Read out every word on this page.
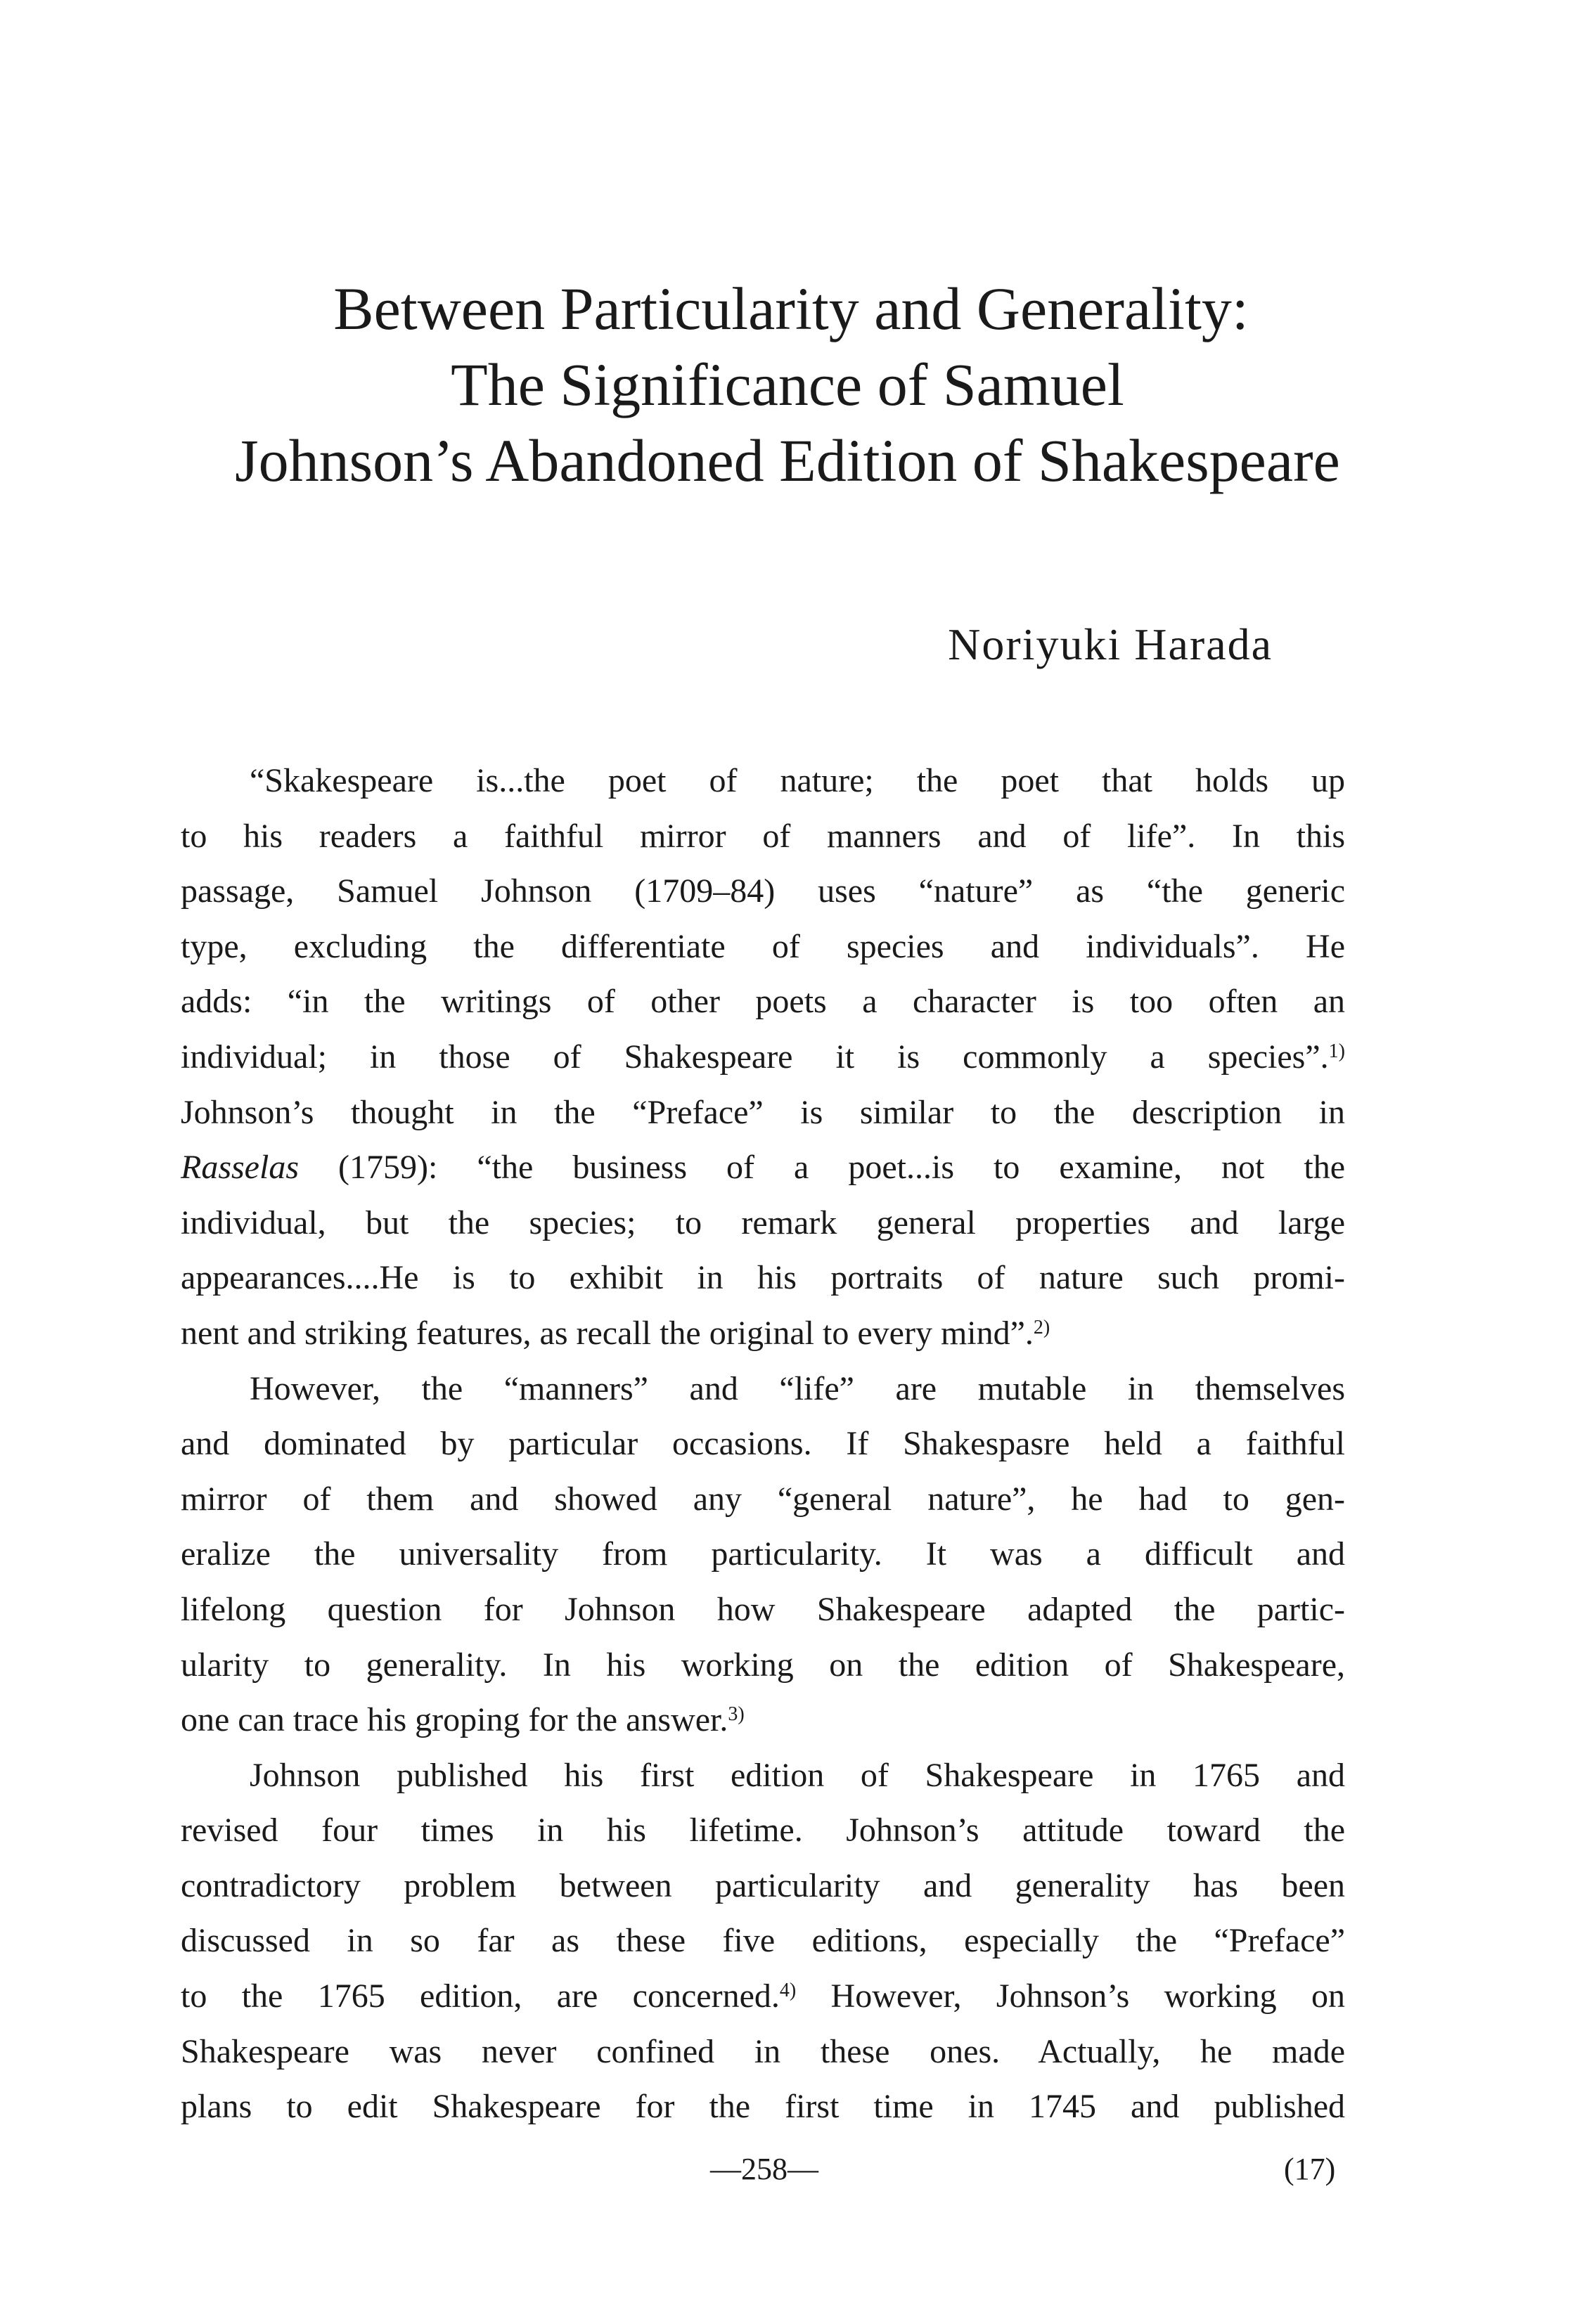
Between Particularity and Generality:
The Significance of Samuel
Johnson’s Abandoned Edition of Shakespeare
Noriyuki Harada
“Skakespeare is...the poet of nature; the poet that holds up
to his readers a faithful mirror of manners and of life”. In this
passage, Samuel Johnson (1709–84) uses “nature” as “the generic
type, excluding the differentiate of species and individuals”. He
adds: “in the writings of other poets a character is too often an
individual; in those of Shakespeare it is commonly a species”.$^{1)}$
Johnson’s thought in the “Preface” is similar to the description in
Rasselas (1759): “the business of a poet...is to examine, not the
individual, but the species; to remark general properties and large
appearances....He is to exhibit in his portraits of nature such promi-
nent and striking features, as recall the original to every mind”.$^{2)}$
However, the “manners” and “life” are mutable in themselves
and dominated by particular occasions. If Shakespasre held a faithful
mirror of them and showed any “general nature”, he had to gen-
eralize the universality from particularity. It was a difficult and
lifelong question for Johnson how Shakespeare adapted the partic-
ularity to generality. In his working on the edition of Shakespeare,
one can trace his groping for the answer.$^{3)}$
Johnson published his first edition of Shakespeare in 1765 and
revised four times in his lifetime. Johnson’s attitude toward the
contradictory problem between particularity and generality has been
discussed in so far as these five editions, especially the “Preface”
to the 1765 edition, are concerned.$^{4)}$ However, Johnson’s working on
Shakespeare was never confined in these ones. Actually, he made
plans to edit Shakespeare for the first time in 1745 and published
—258—	(17)
